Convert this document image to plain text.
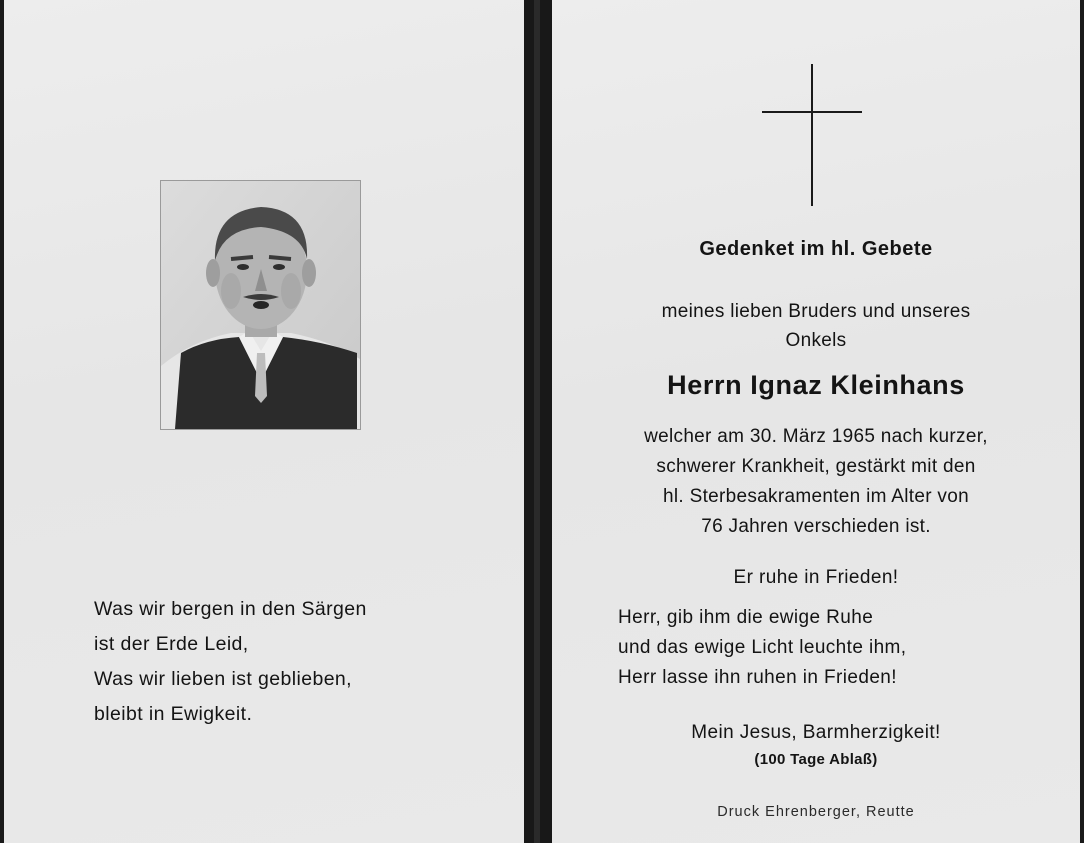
Was wir bergen in den Särgen
ist der Erde Leid,
Was wir lieben ist geblieben,
bleibt in Ewigkeit.
Gedenket im hl. Gebete
meines lieben Bruders und unseres
Onkels
Herrn Ignaz Kleinhans
welcher am 30. März 1965 nach kurzer,
schwerer Krankheit, gestärkt mit den
hl. Sterbesakramenten im Alter von
76 Jahren verschieden ist.
Er ruhe in Frieden!
Herr, gib ihm die ewige Ruhe
und das ewige Licht leuchte ihm,
Herr lasse ihn ruhen in Frieden!
Mein Jesus, Barmherzigkeit!
(100 Tage Ablaß)
Druck Ehrenberger, Reutte
